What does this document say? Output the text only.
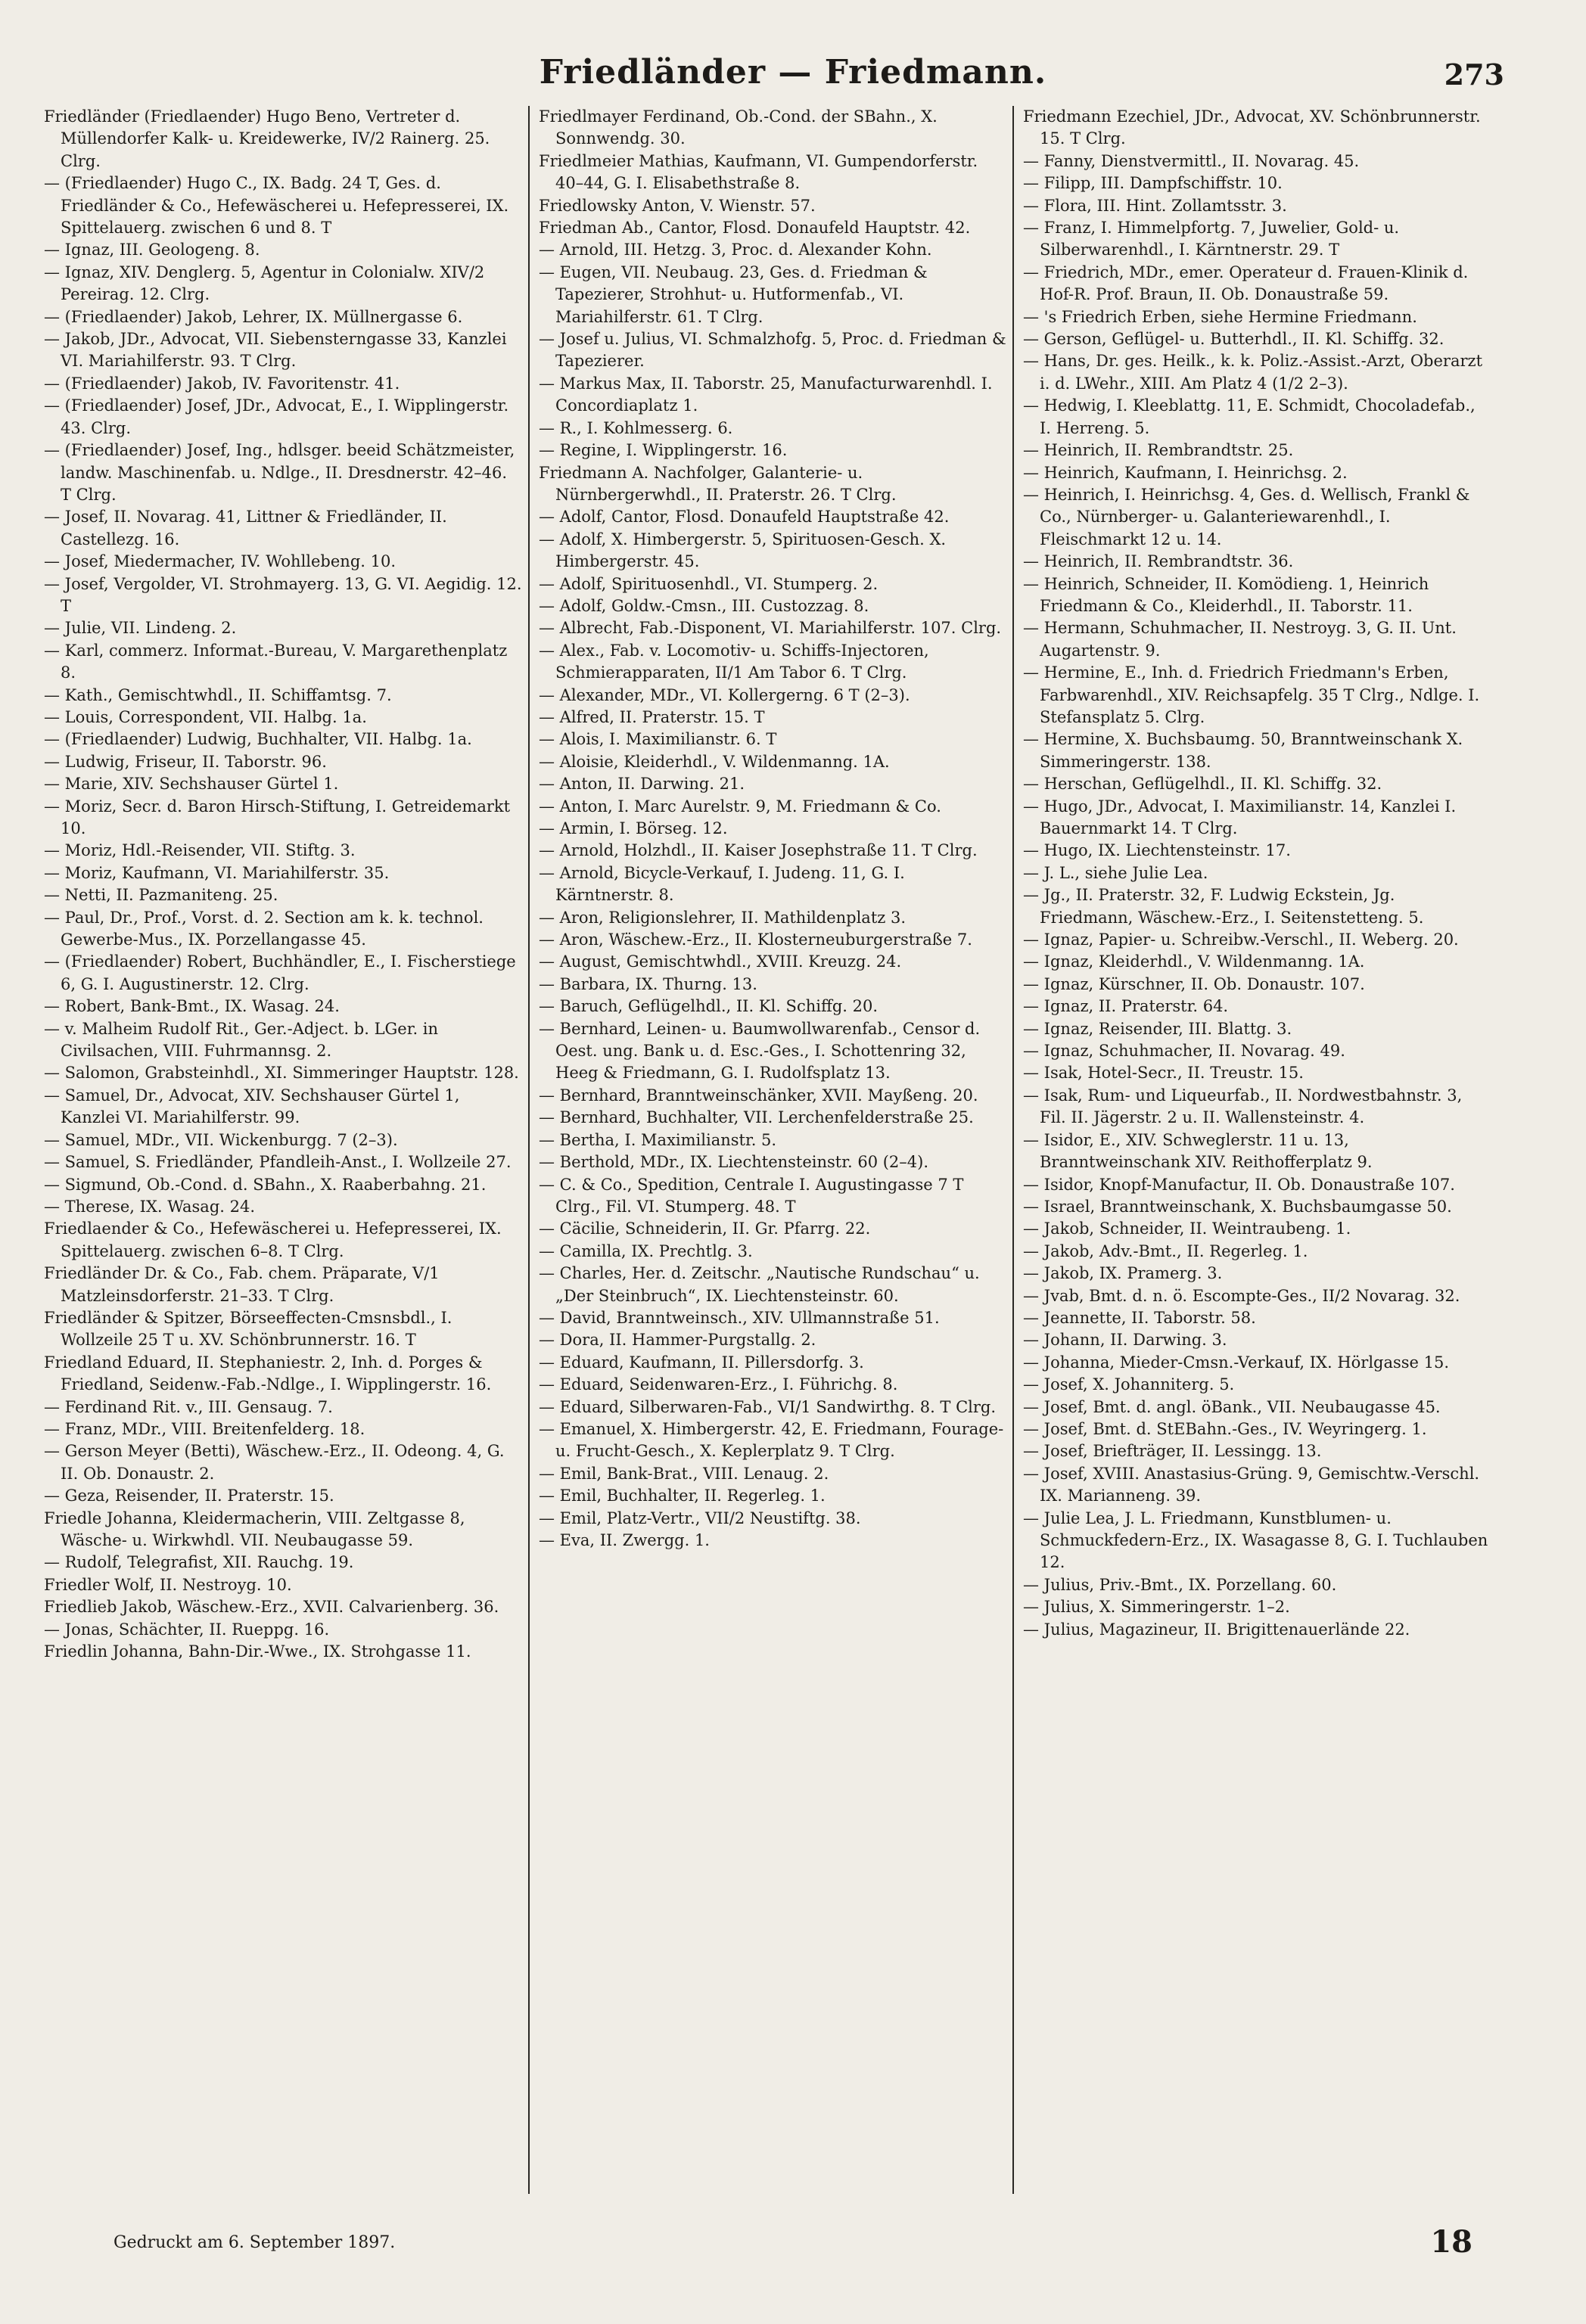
Friedländer — Friedmann.	273

Friedländer (Friedlaender) Hugo Beno, Vertreter d. Müllendorfer Kalk- u. Kreidewerke, IV/2 Rainerg. 25. Clrg.

— (Friedlaender) Hugo C., IX. Badg. 24 T, Ges. d. Friedländer & Co., Hefewäscherei u. Hefepresserei, IX. Spittelauerg. zwischen 6 und 8. T

— Ignaz, III. Geologeng. 8.

— Ignaz, XIV. Denglerg. 5, Agentur in Colonialw. XIV/2 Pereirag. 12. Clrg.

— (Friedlaender) Jakob, Lehrer, IX. Müllnergasse 6.

— Jakob, JDr., Advocat, VII. Siebensterngasse 33, Kanzlei VI. Mariahilferstr. 93. T Clrg.

— (Friedlaender) Jakob, IV. Favoritenstr. 41.

— (Friedlaender) Josef, JDr., Advocat, E., I. Wipplingerstr. 43. Clrg.

— (Friedlaender) Josef, Ing., hdlsger. beeid Schätzmeister, landw. Maschinenfab. u. Ndlge., II. Dresdnerstr. 42–46. T Clrg.

— Josef, II. Novarag. 41, Littner & Friedländer, II. Castellezg. 16.

— Josef, Miedermacher, IV. Wohllebeng. 10.

— Josef, Vergolder, VI. Strohmayerg. 13, G. VI. Aegidig. 12. T

— Julie, VII. Lindeng. 2.

— Karl, commerz. Informat.-Bureau, V. Margarethenplatz 8.

— Kath., Gemischtwhdl., II. Schiffamtsg. 7.

— Louis, Correspondent, VII. Halbg. 1a.

— (Friedlaender) Ludwig, Buchhalter, VII. Halbg. 1a.

— Ludwig, Friseur, II. Taborstr. 96.

— Marie, XIV. Sechshauser Gürtel 1.

— Moriz, Secr. d. Baron Hirsch-Stiftung, I. Getreidemarkt 10.

— Moriz, Hdl.-Reisender, VII. Stiftg. 3.

— Moriz, Kaufmann, VI. Mariahilferstr. 35.

— Netti, II. Pazmaniteng. 25.

— Paul, Dr., Prof., Vorst. d. 2. Section am k. k. technol. Gewerbe-Mus., IX. Porzellangasse 45.

— (Friedlaender) Robert, Buchhändler, E., I. Fischerstiege 6, G. I. Augustinerstr. 12. Clrg.

— Robert, Bank-Bmt., IX. Wasag. 24.

— v. Malheim Rudolf Rit., Ger.-Adject. b. LGer. in Civilsachen, VIII. Fuhrmannsg. 2.

— Salomon, Grabsteinhdl., XI. Simmeringer Hauptstr. 128.

— Samuel, Dr., Advocat, XIV. Sechshauser Gürtel 1, Kanzlei VI. Mariahilferstr. 99.

— Samuel, MDr., VII. Wickenburgg. 7 (2–3).

— Samuel, S. Friedländer, Pfandleih-Anst., I. Wollzeile 27.

— Sigmund, Ob.-Cond. d. SBahn., X. Raaberbahng. 21.

— Therese, IX. Wasag. 24.

Friedlaender & Co., Hefewäscherei u. Hefepresserei, IX. Spittelauerg. zwischen 6–8. T Clrg.

Friedländer Dr. & Co., Fab. chem. Präparate, V/1 Matzleinsdorferstr. 21–33. T Clrg.

Friedländer & Spitzer, Börseeffecten-Cmsnsbdl., I. Wollzeile 25 T u. XV. Schönbrunnerstr. 16. T

Friedland Eduard, II. Stephaniestr. 2, Inh. d. Porges & Friedland, Seidenw.-Fab.-Ndlge., I. Wipplingerstr. 16.

— Ferdinand Rit. v., III. Gensaug. 7.

— Franz, MDr., VIII. Breitenfelderg. 18.

— Gerson Meyer (Betti), Wäschew.-Erz., II. Odeong. 4, G. II. Ob. Donaustr. 2.

— Geza, Reisender, II. Praterstr. 15.

Friedle Johanna, Kleidermacherin, VIII. Zeltgasse 8, Wäsche- u. Wirkwhdl. VII. Neubaugasse 59.

— Rudolf, Telegrafist, XII. Rauchg. 19.

Friedler Wolf, II. Nestroyg. 10.

Friedlieb Jakob, Wäschew.-Erz., XVII. Calvarienberg. 36.

— Jonas, Schächter, II. Rueppg. 16.

Friedlin Johanna, Bahn-Dir.-Wwe., IX. Strohgasse 11.

Friedlmayer Ferdinand, Ob.-Cond. der SBahn., X. Sonnwendg. 30.

Friedlmeier Mathias, Kaufmann, VI. Gumpendorferstr. 40–44, G. I. Elisabethstraße 8.

Friedlowsky Anton, V. Wienstr. 57.

Friedman Ab., Cantor, Flosd. Donaufeld Hauptstr. 42.

— Arnold, III. Hetzg. 3, Proc. d. Alexander Kohn.

— Eugen, VII. Neubaug. 23, Ges. d. Friedman & Tapezierer, Strohhut- u. Hutformenfab., VI. Mariahilferstr. 61. T Clrg.

— Josef u. Julius, VI. Schmalzhofg. 5, Proc. d. Friedman & Tapezierer.

— Markus Max, II. Taborstr. 25, Manufacturwarenhdl. I. Concordiaplatz 1.

— R., I. Kohlmesserg. 6.

— Regine, I. Wipplingerstr. 16.

Friedmann A. Nachfolger, Galanterie- u. Nürnbergerwhdl., II. Praterstr. 26. T Clrg.

— Adolf, Cantor, Flosd. Donaufeld Hauptstraße 42.

— Adolf, X. Himbergerstr. 5, Spirituosen-Gesch. X. Himbergerstr. 45.

— Adolf, Spirituosenhdl., VI. Stumperg. 2.

— Adolf, Goldw.-Cmsn., III. Custozzag. 8.

— Albrecht, Fab.-Disponent, VI. Mariahilferstr. 107. Clrg.

— Alex., Fab. v. Locomotiv- u. Schiffs-Injectoren, Schmierapparaten, II/1 Am Tabor 6. T Clrg.

— Alexander, MDr., VI. Kollergerng. 6 T (2–3).

— Alfred, II. Praterstr. 15. T

— Alois, I. Maximilianstr. 6. T

— Aloisie, Kleiderhdl., V. Wildenmanng. 1A.

— Anton, II. Darwing. 21.

— Anton, I. Marc Aurelstr. 9, M. Friedmann & Co.

— Armin, I. Börseg. 12.

— Arnold, Holzhdl., II. Kaiser Josephstraße 11. T Clrg.

— Arnold, Bicycle-Verkauf, I. Judeng. 11, G. I. Kärntnerstr. 8.

— Aron, Religionslehrer, II. Mathildenplatz 3.

— Aron, Wäschew.-Erz., II. Klosterneuburgerstraße 7.

— August, Gemischtwhdl., XVIII. Kreuzg. 24.

— Barbara, IX. Thurng. 13.

— Baruch, Geflügelhdl., II. Kl. Schiffg. 20.

— Bernhard, Leinen- u. Baumwollwarenfab., Censor d. Oest. ung. Bank u. d. Esc.-Ges., I. Schottenring 32, Heeg & Friedmann, G. I. Rudolfsplatz 13.

— Bernhard, Branntweinschänker, XVII. Mayßeng. 20.

— Bernhard, Buchhalter, VII. Lerchenfelderstraße 25.

— Bertha, I. Maximilianstr. 5.

— Berthold, MDr., IX. Liechtensteinstr. 60 (2–4).

— C. & Co., Spedition, Centrale I. Augustingasse 7 T Clrg., Fil. VI. Stumperg. 48. T

— Cäcilie, Schneiderin, II. Gr. Pfarrg. 22.

— Camilla, IX. Prechtlg. 3.

— Charles, Her. d. Zeitschr. „Nautische Rundschau“ u. „Der Steinbruch“, IX. Liechtensteinstr. 60.

— David, Branntweinsch., XIV. Ullmannstraße 51.

— Dora, II. Hammer-Purgstallg. 2.

— Eduard, Kaufmann, II. Pillersdorfg. 3.

— Eduard, Seidenwaren-Erz., I. Führichg. 8.

— Eduard, Silberwaren-Fab., VI/1 Sandwirthg. 8. T Clrg.

— Emanuel, X. Himbergerstr. 42, E. Friedmann, Fourage- u. Frucht-Gesch., X. Keplerplatz 9. T Clrg.

— Emil, Bank-Brat., VIII. Lenaug. 2.

— Emil, Buchhalter, II. Regerleg. 1.

— Emil, Platz-Vertr., VII/2 Neustiftg. 38.

— Eva, II. Zwergg. 1.

Friedmann Ezechiel, JDr., Advocat, XV. Schönbrunnerstr. 15. T Clrg.

— Fanny, Dienstvermittl., II. Novarag. 45.

— Filipp, III. Dampfschiffstr. 10.

— Flora, III. Hint. Zollamtsstr. 3.

— Franz, I. Himmelpfortg. 7, Juwelier, Gold- u. Silberwarenhdl., I. Kärntnerstr. 29. T

— Friedrich, MDr., emer. Operateur d. Frauen-Klinik d. Hof-R. Prof. Braun, II. Ob. Donaustraße 59.

— 's Friedrich Erben, siehe Hermine Friedmann.

— Gerson, Geflügel- u. Butterhdl., II. Kl. Schiffg. 32.

— Hans, Dr. ges. Heilk., k. k. Poliz.-Assist.-Arzt, Oberarzt i. d. LWehr., XIII. Am Platz 4 (1/2 2–3).

— Hedwig, I. Kleeblattg. 11, E. Schmidt, Chocoladefab., I. Herreng. 5.

— Heinrich, II. Rembrandtstr. 25.

— Heinrich, Kaufmann, I. Heinrichsg. 2.

— Heinrich, I. Heinrichsg. 4, Ges. d. Wellisch, Frankl & Co., Nürnberger- u. Galanteriewarenhdl., I. Fleischmarkt 12 u. 14.

— Heinrich, II. Rembrandtstr. 36.

— Heinrich, Schneider, II. Komödieng. 1, Heinrich Friedmann & Co., Kleiderhdl., II. Taborstr. 11.

— Hermann, Schuhmacher, II. Nestroyg. 3, G. II. Unt. Augartenstr. 9.

— Hermine, E., Inh. d. Friedrich Friedmann's Erben, Farbwarenhdl., XIV. Reichsapfelg. 35 T Clrg., Ndlge. I. Stefansplatz 5. Clrg.

— Hermine, X. Buchsbaumg. 50, Branntweinschank X. Simmeringerstr. 138.

— Herschan, Geflügelhdl., II. Kl. Schiffg. 32.

— Hugo, JDr., Advocat, I. Maximilianstr. 14, Kanzlei I. Bauernmarkt 14. T Clrg.

— Hugo, IX. Liechtensteinstr. 17.

— J. L., siehe Julie Lea.

— Jg., II. Praterstr. 32, F. Ludwig Eckstein, Jg. Friedmann, Wäschew.-Erz., I. Seitenstetteng. 5.

— Ignaz, Papier- u. Schreibw.-Verschl., II. Weberg. 20.

— Ignaz, Kleiderhdl., V. Wildenmanng. 1A.

— Ignaz, Kürschner, II. Ob. Donaustr. 107.

— Ignaz, II. Praterstr. 64.

— Ignaz, Reisender, III. Blattg. 3.

— Ignaz, Schuhmacher, II. Novarag. 49.

— Isak, Hotel-Secr., II. Treustr. 15.

— Isak, Rum- und Liqueurfab., II. Nordwestbahnstr. 3, Fil. II. Jägerstr. 2 u. II. Wallensteinstr. 4.

— Isidor, E., XIV. Schweglerstr. 11 u. 13, Branntweinschank XIV. Reithofferplatz 9.

— Isidor, Knopf-Manufactur, II. Ob. Donaustraße 107.

— Israel, Branntweinschank, X. Buchsbaumgasse 50.

— Jakob, Schneider, II. Weintraubeng. 1.

— Jakob, Adv.-Bmt., II. Regerleg. 1.

— Jakob, IX. Pramerg. 3.

— Jvab, Bmt. d. n. ö. Escompte-Ges., II/2 Novarag. 32.

— Jeannette, II. Taborstr. 58.

— Johann, II. Darwing. 3.

— Johanna, Mieder-Cmsn.-Verkauf, IX. Hörlgasse 15.

— Josef, X. Johanniterg. 5.

— Josef, Bmt. d. angl. öBank., VII. Neubaugasse 45.

— Josef, Bmt. d. StEBahn.-Ges., IV. Weyringerg. 1.

— Josef, Briefträger, II. Lessingg. 13.

— Josef, XVIII. Anastasius-Grüng. 9, Gemischtw.-Verschl. IX. Marianneng. 39.

— Julie Lea, J. L. Friedmann, Kunstblumen- u. Schmuckfedern-Erz., IX. Wasagasse 8, G. I. Tuchlauben 12.

— Julius, Priv.-Bmt., IX. Porzellang. 60.

— Julius, X. Simmeringerstr. 1–2.

— Julius, Magazineur, II. Brigittenauerlände 22.

Gedruckt am 6. September 1897.	18
